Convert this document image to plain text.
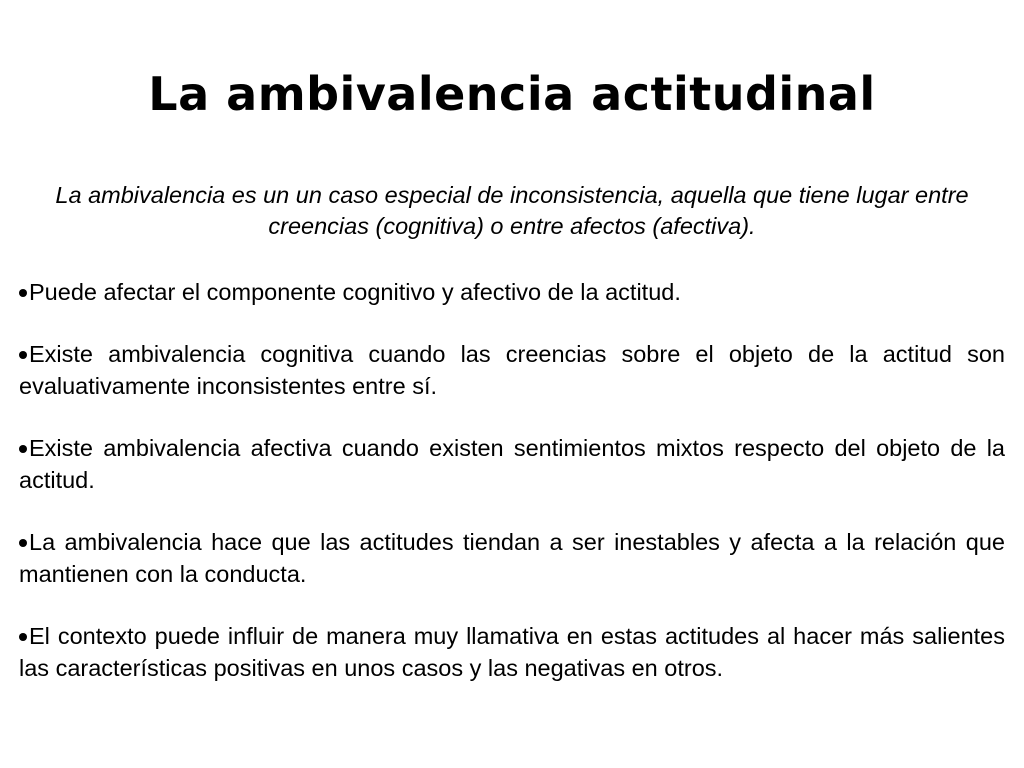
La ambivalencia actitudinal

La ambivalencia es un un caso especial de inconsistencia, aquella que tiene lugar entre creencias (cognitiva) o entre afectos (afectiva).

Puede afectar el componente cognitivo y afectivo de la actitud.
Existe ambivalencia cognitiva cuando las creencias sobre el objeto de la actitud son evaluativamente inconsistentes entre sí.
Existe ambivalencia afectiva cuando existen sentimientos mixtos respecto del objeto de la actitud.
La ambivalencia hace que las actitudes tiendan a ser inestables y afecta a la relación que mantienen con la conducta.
El contexto puede influir de manera muy llamativa en estas actitudes al hacer más salientes las características positivas en unos casos y las negativas en otros.
